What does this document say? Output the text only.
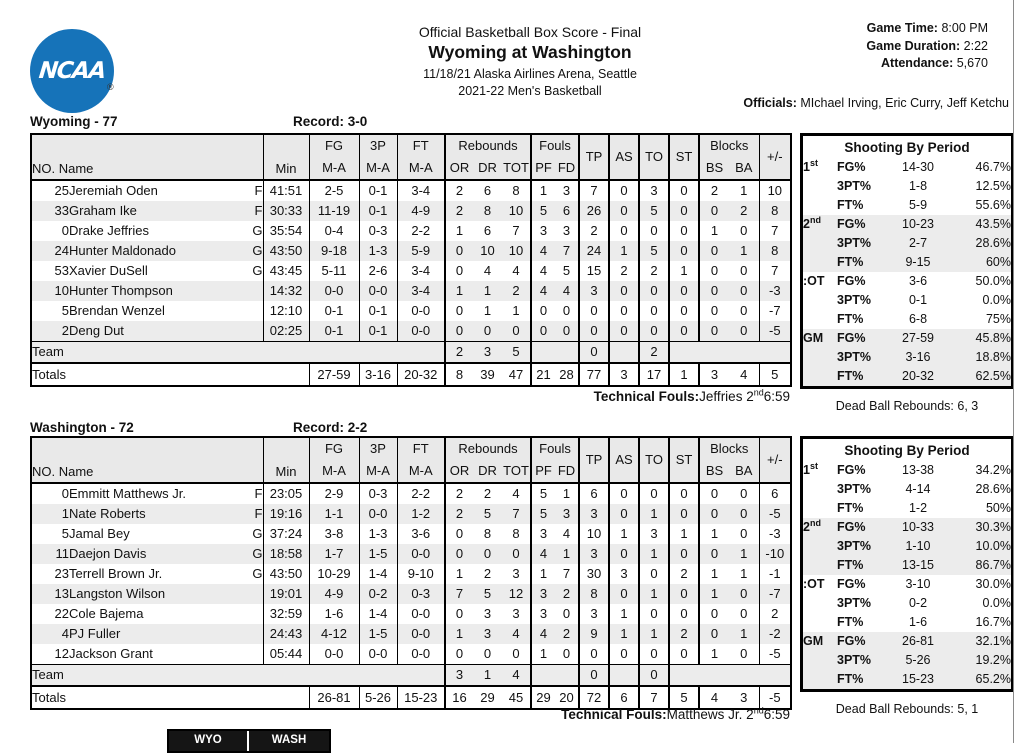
NCAA
®
Official Basketball Box Score - Final
Wyoming at Washington
11/18/21 Alaska Airlines Arena, Seattle
2021-22 Men's Basketball
Game Time: 8:00 PM
Game Duration: 2:22
Attendance: 5,670
Officials: MIchael Irving, Eric Curry, Jeff Ketchu
Wyoming - 77	Record: 3-0
NO. Name			Min	FG	3P	FT	Rebounds			Fouls		TP	AS	TO	ST	Blocks		+/-
				M-A	M-A	M-A	OR	DR	TOT	PF	FD					BS	BA	
25	Jeremiah Oden	F	41:51	2-5	0-1	3-4	2	6	8	1	3	7	0	3	0	2	1	10
33	Graham Ike	F	30:33	11-19	0-1	4-9	2	8	10	5	6	26	0	5	0	0	2	8
0	Drake Jeffries	G	35:54	0-4	0-3	2-2	1	6	7	3	3	2	0	0	0	1	0	7
24	Hunter Maldonado	G	43:50	9-18	1-3	5-9	0	10	10	4	7	24	1	5	0	0	1	8
53	Xavier DuSell	G	43:45	5-11	2-6	3-4	0	4	4	4	5	15	2	2	1	0	0	7
10	Hunter Thompson		14:32	0-0	0-0	3-4	1	1	2	4	4	3	0	0	0	0	0	-3
5	Brendan Wenzel		12:10	0-1	0-1	0-0	0	1	1	0	0	0	0	0	0	0	0	-7
2	Deng Dut		02:25	0-1	0-1	0-0	0	0	0	0	0	0	0	0	0	0	0	-5
Team							2	3	5			0		2				
Totals				27-59	3-16	20-32	8	39	47	21	28	77	3	17	1	3	4	5
Shooting By Period
1st	FG%	14-30	46.7%
	3PT%	1-8	12.5%
	FT%	5-9	55.6%
2nd	FG%	10-23	43.5%
	3PT%	2-7	28.6%
	FT%	9-15	60%
:OT	FG%	3-6	50.0%
	3PT%	0-1	0.0%
	FT%	6-8	75%
GM	FG%	27-59	45.8%
	3PT%	3-16	18.8%
	FT%	20-32	62.5%
Technical Fouls:Jeffries 2nd6:59
Dead Ball Rebounds: 6, 3
Washington - 72	Record: 2-2
NO. Name			Min	FG	3P	FT	Rebounds			Fouls		TP	AS	TO	ST	Blocks		+/-
				M-A	M-A	M-A	OR	DR	TOT	PF	FD					BS	BA	
0	Emmitt Matthews Jr.	F	23:05	2-9	0-3	2-2	2	2	4	5	1	6	0	0	0	0	0	6
1	Nate Roberts	F	19:16	1-1	0-0	1-2	2	5	7	5	3	3	0	1	0	0	0	-5
5	Jamal Bey	G	37:24	3-8	1-3	3-6	0	8	8	3	4	10	1	3	1	1	0	-3
11	Daejon Davis	G	18:58	1-7	1-5	0-0	0	0	0	4	1	3	0	1	0	0	1	-10
23	Terrell Brown Jr.	G	43:50	10-29	1-4	9-10	1	2	3	1	7	30	3	0	2	1	1	-1
13	Langston Wilson		19:01	4-9	0-2	0-3	7	5	12	3	2	8	0	1	0	1	0	-7
22	Cole Bajema		32:59	1-6	1-4	0-0	0	3	3	3	0	3	1	0	0	0	0	2
4	PJ Fuller		24:43	4-12	1-5	0-0	1	3	4	4	2	9	1	1	2	0	1	-2
12	Jackson Grant		05:44	0-0	0-0	0-0	0	0	0	1	0	0	0	0	0	1	0	-5
Team							3	1	4			0		0				
Totals				26-81	5-26	15-23	16	29	45	29	20	72	6	7	5	4	3	-5
Shooting By Period
1st	FG%	13-38	34.2%
	3PT%	4-14	28.6%
	FT%	1-2	50%
2nd	FG%	10-33	30.3%
	3PT%	1-10	10.0%
	FT%	13-15	86.7%
:OT	FG%	3-10	30.0%
	3PT%	0-2	0.0%
	FT%	1-6	16.7%
GM	FG%	26-81	32.1%
	3PT%	5-26	19.2%
	FT%	15-23	65.2%
Technical Fouls:Matthews Jr. 2nd6:59	Dead Ball Rebounds: 5, 1
WYO	WASH
